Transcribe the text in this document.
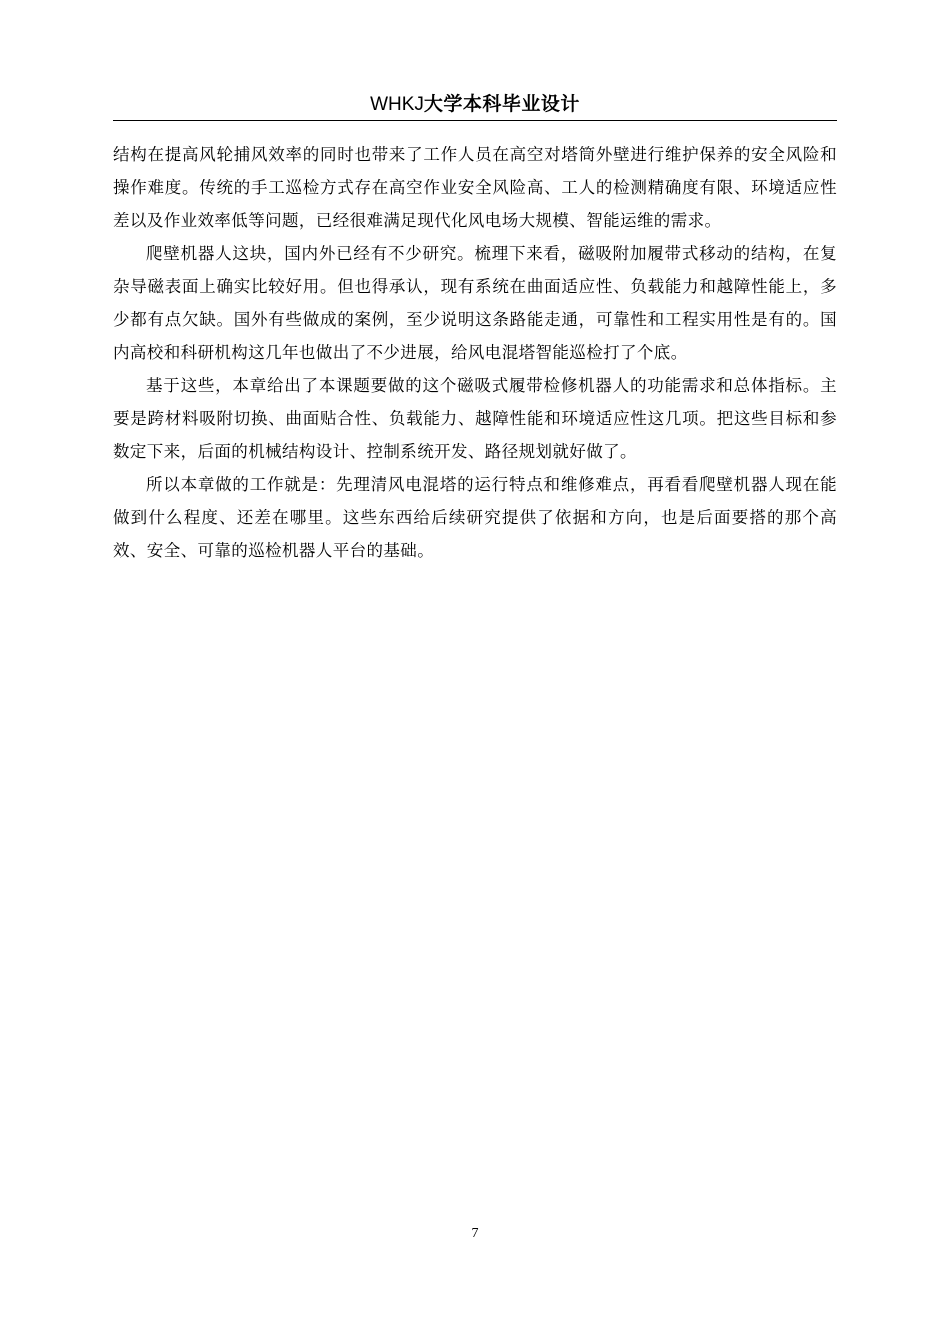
WHKJ大学本科毕业设计

结构在提高风轮捕风效率的同时也带来了工作人员在高空对塔筒外壁进行维护保养的安全风险和操作难度。传统的手工巡检方式存在高空作业安全风险高、工人的检测精确度有限、环境适应性差以及作业效率低等问题，已经很难满足现代化风电场大规模、智能运维的需求。

爬壁机器人这块，国内外已经有不少研究。梳理下来看，磁吸附加履带式移动的结构，在复杂导磁表面上确实比较好用。但也得承认，现有系统在曲面适应性、负载能力和越障性能上，多少都有点欠缺。国外有些做成的案例，至少说明这条路能走通，可靠性和工程实用性是有的。国内高校和科研机构这几年也做出了不少进展，给风电混塔智能巡检打了个底。

基于这些，本章给出了本课题要做的这个磁吸式履带检修机器人的功能需求和总体指标。主要是跨材料吸附切换、曲面贴合性、负载能力、越障性能和环境适应性这几项。把这些目标和参数定下来，后面的机械结构设计、控制系统开发、路径规划就好做了。

所以本章做的工作就是：先理清风电混塔的运行特点和维修难点，再看看爬壁机器人现在能做到什么程度、还差在哪里。这些东西给后续研究提供了依据和方向，也是后面要搭的那个高效、安全、可靠的巡检机器人平台的基础。

7
